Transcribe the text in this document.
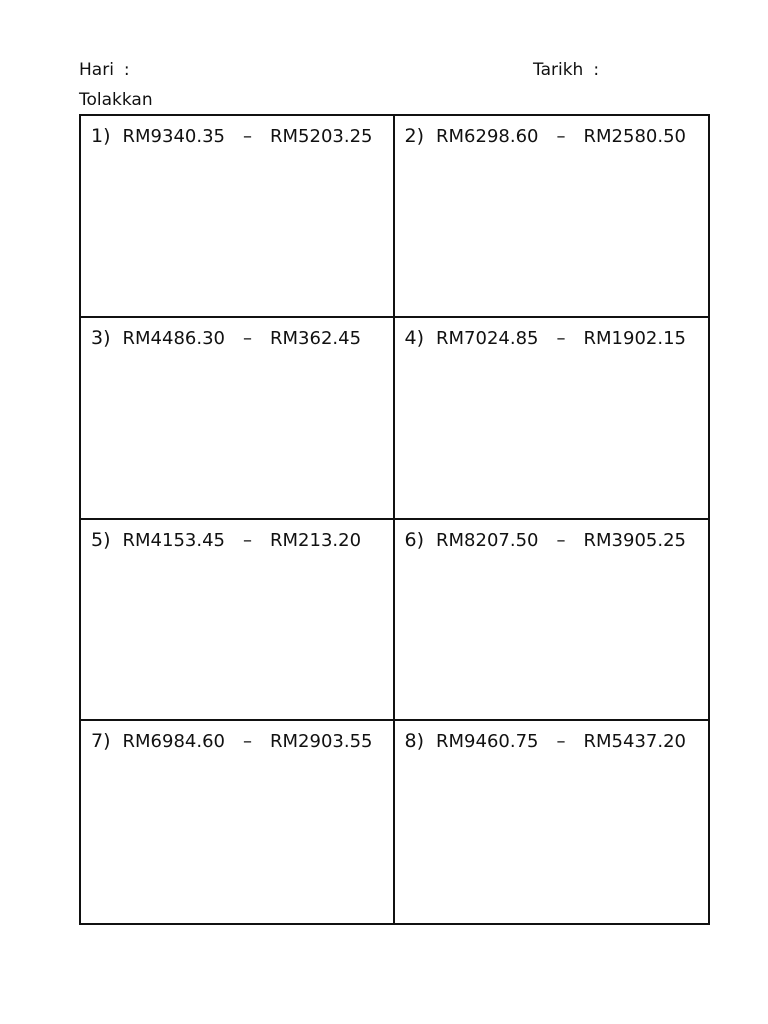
Hari :	Tarikh :
Tolakkan
1) RM9340.35 – RM5203.25 2) RM6298.60 – RM2580.50
3) RM4486.30 – RM362.45 4) RM7024.85 – RM1902.15
5) RM4153.45 – RM213.20 6) RM8207.50 – RM3905.25
7) RM6984.60 – RM2903.55 8) RM9460.75 – RM5437.20
